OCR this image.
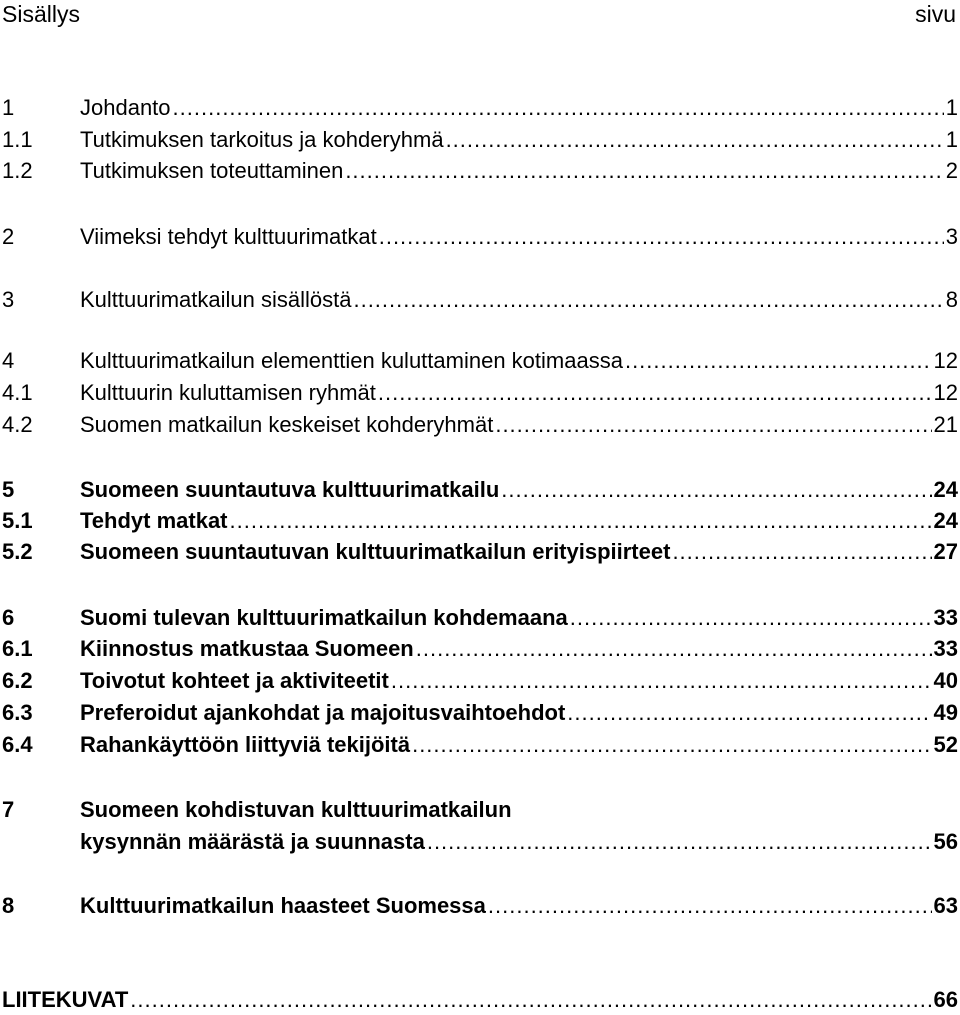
Sisällys	sivu
1	Johdanto .....	1
1.1 Tutkimuksen tarkoitus ja kohderyhmä .....	1
1.2 Tutkimuksen toteuttaminen .....	2
2	Viimeksi tehdyt kulttuurimatkat .....	3
3	Kulttuurimatkailun sisällöstä .....	8
4	Kulttuurimatkailun elementtien kuluttaminen kotimaassa .....	12
4.1 Kulttuurin kuluttamisen ryhmät .....	12
4.2 Suomen matkailun keskeiset kohderyhmät .....	21
5	Suomeen suuntautuva kulttuurimatkailu .....	24
5.1 Tehdyt matkat .....	24
5.2 Suomeen suuntautuvan kulttuurimatkailun erityispiirteet .....	27
6	Suomi tulevan kulttuurimatkailun kohdemaana .....	33
6.1 Kiinnostus matkustaa Suomeen .....	33
6.2 Toivotut kohteet ja aktiviteetit .....	40
6.3 Preferoidut ajankohdat ja majoitusvaihtoehdot .....	49
6.4 Rahankäyttöön liittyviä tekijöitä .....	52
7	Suomeen kohdistuvan kulttuurimatkailun
kysynnän määrästä ja suunnasta .....	56
8	Kulttuurimatkailun haasteet Suomessa .....	63
LIITEKUVAT .....	66
